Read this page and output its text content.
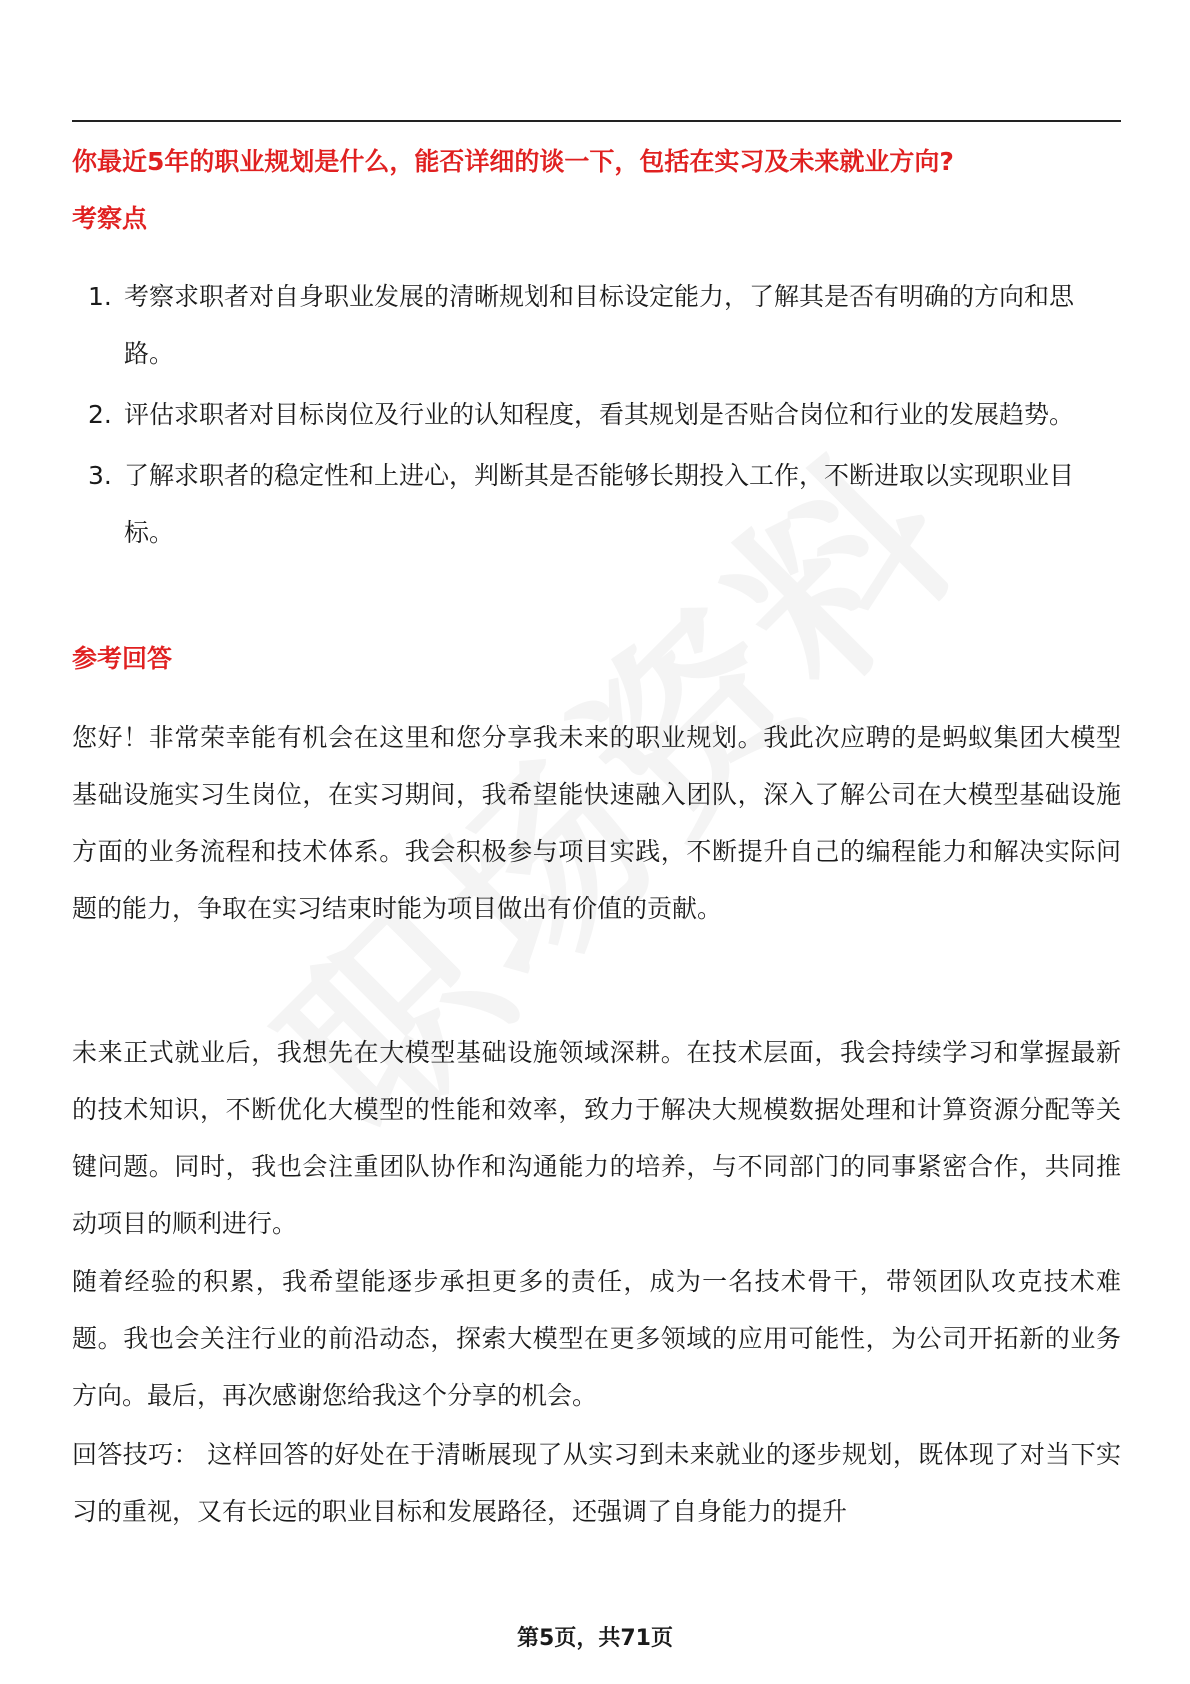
你最近5年的职业规划是什么，能否详细的谈一下，包括在实习及未来就业方向?
考察点
1. 考察求职者对自身职业发展的清晰规划和目标设定能力，了解其是否有明确的方向和思路。
2. 评估求职者对目标岗位及行业的认知程度，看其规划是否贴合岗位和行业的发展趋势。
3. 了解求职者的稳定性和上进心，判断其是否能够长期投入工作，不断进取以实现职业目标。
参考回答

您好！非常荣幸能有机会在这里和您分享我未来的职业规划。我此次应聘的是蚂蚁集团大模型基础设施实习生岗位，在实习期间，我希望能快速融入团队，深入了解公司在大模型基础设施方面的业务流程和技术体系。我会积极参与项目实践，不断提升自己的编程能力和解决实际问题的能力，争取在实习结束时能为项目做出有价值的贡献。

未来正式就业后，我想先在大模型基础设施领域深耕。在技术层面，我会持续学习和掌握最新的技术知识，不断优化大模型的性能和效率，致力于解决大规模数据处理和计算资源分配等关键问题。同时，我也会注重团队协作和沟通能力的培养，与不同部门的同事紧密合作，共同推动项目的顺利进行。

随着经验的积累，我希望能逐步承担更多的责任，成为一名技术骨干，带领团队攻克技术难题。我也会关注行业的前沿动态，探索大模型在更多领域的应用可能性，为公司开拓新的业务方向。最后，再次感谢您给我这个分享的机会。

回答技巧： 这样回答的好处在于清晰展现了从实习到未来就业的逐步规划，既体现了对当下实习的重视，又有长远的职业目标和发展路径，还强调了自身能力的提升

第5页，共71页
